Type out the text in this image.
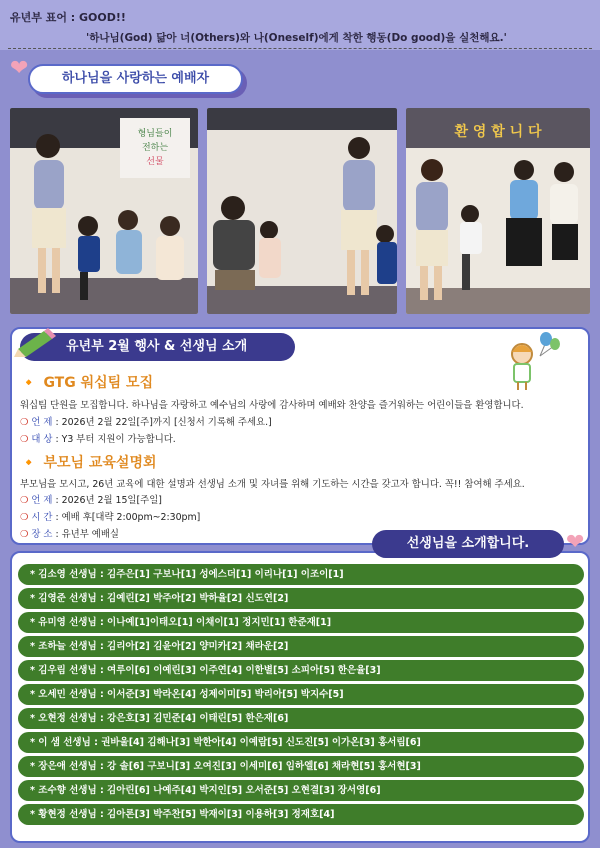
유년부 표어 : GOOD!!
'하나님(God) 닮아 너(Others)와 나(Oneself)에게 착한 행동(Do good)을 실천해요.'
❤	하나님을 사랑하는 예배자
형님들이
전하는
선물
환 영 합 니 다
유년부 2월 행사 & 선생님 소개
🔸 GTG 워십팀 모집
워십팀 단원을 모집합니다. 하나님을 자랑하고 예수님의 사랑에 감사하며 예배와 찬양을 즐거워하는 어린이들을 환영합니다.
❍ 언 제 : 2026년 2월 22일[주]까지 [신청서 기록해 주세요.]
❍ 대 상 : Y3 부터 지원이 가능합니다.
🔸 부모님 교육설명회
부모님을 모시고, 26년 교육에 대한 설명과 선생님 소개 및 자녀를 위해 기도하는 시간을 갖고자 합니다. 꼭!! 참여해 주세요.
❍ 언 제 : 2026년 2월 15일[주일]
❍ 시 간 : 예배 후[대략 2:00pm~2:30pm]
❍ 장 소 : 유년부 예배실
선생님을 소개합니다.	❤
* 김소영 선생님 : 김주은[1] 구보나[1] 성에스더[1] 이리나[1] 이조이[1]
* 김영준 선생님 : 김예린[2] 박주아[2] 박하율[2] 신도연[2]
* 유미영 선생님 : 이나예[1]이태오[1] 이채이[1] 정지민[1] 한준재[1]
* 조하늘 선생님 : 김리아[2] 김윤아[2] 양미카[2] 채라운[2]
* 김우림 선생님 : 여루이[6] 이예린[3] 이주연[4] 이한별[5] 소피아[5] 한은율[3]
* 오세민 선생님 : 이서준[3] 박라온[4] 성제이미[5] 박리아[5] 박지수[5]
* 오현정 선생님 : 강은호[3] 김민준[4] 이태린[5] 한은재[6]
* 이 샘 선생님 : 권바울[4] 김해나[3] 박한아[4] 이예람[5] 신도진[5] 이가온[3] 홍서림[6]
* 장은애 선생님 : 강 솔[6] 구보니[3] 오여진[3] 이세미[6] 임하엘[6] 채라현[5] 홍서현[3]
* 조수향 선생님 : 김아린[6] 나예주[4] 박지인[5] 오서준[5] 오현결[3] 장서영[6]
* 황현정 선생님 : 김아론[3] 박주찬[5] 박재이[3] 이용하[3] 정재호[4]
